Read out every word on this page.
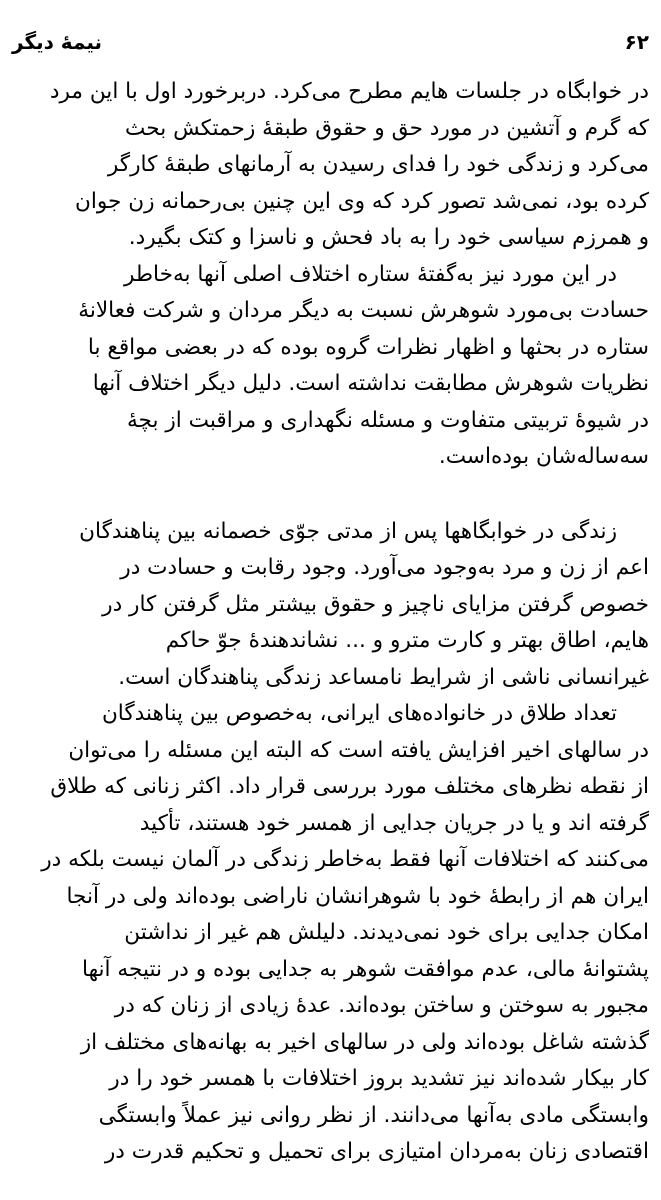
۶۲
نیمهٔ دیگر

در خوابگاه در جلسات هایم مطرح می‌کرد. دربرخورد اول با این مرد
که گرم و آتشین در مورد حق و حقوق طبقهٔ زحمتکش بحث
می‌کرد و زندگی خود را فدای رسیدن به آرمانهای طبقهٔ کارگر
کرده بود، نمی‌شد تصور کرد که وی این چنین بی‌رحمانه زن جوان
و همرزم سیاسی خود را به باد فحش و ناسزا و کتک بگیرد.

در این مورد نیز به‌گفتهٔ ستاره اختلاف اصلی آنها به‌خاطر
حسادت بی‌مورد شوهرش نسبت به دیگر مردان و شرکت فعالانهٔ
ستاره در بحثها و اظهار نظرات گروه بوده که در بعضی مواقع با
نظریات شوهرش مطابقت نداشته است. دلیل دیگر اختلاف آنها
در شیوهٔ تربیتی متفاوت و مسئله نگهداری و مراقبت از بچهٔ
سه‌ساله‌شان بوده‌است.

زندگی در خوابگاهها پس از مدتی جوّی خصمانه بین پناهندگان
اعم از زن و مرد به‌وجود می‌آورد. وجود رقابت و حسادت در
خصوص گرفتن مزایای ناچیز و حقوق بیشتر مثل گرفتن کار در
هایم، اطاق بهتر و کارت مترو و ... نشاندهندهٔ جوّ حاکم
غیرانسانی ناشی از شرایط نامساعد زندگی پناهندگان است.

تعداد طلاق در خانواده‌های ایرانی، به‌خصوص بین پناهندگان
در سالهای اخیر افزایش یافته است که البته این مسئله را می‌توان
از نقطه نظرهای مختلف مورد بررسی قرار داد. اکثر زنانی که طلاق
گرفته اند و یا در جریان جدایی از همسر خود هستند، تأکید
می‌کنند که اختلافات آنها فقط به‌خاطر زندگی در آلمان نیست بلکه در
ایران هم از رابطهٔ خود با شوهرانشان ناراضی بوده‌اند ولی در آنجا
امکان جدایی برای خود نمی‌دیدند. دلیلش هم غیر از نداشتن
پشتوانهٔ مالی، عدم موافقت شوهر به جدایی بوده و در نتیجه آنها
مجبور به سوختن و ساختن بوده‌اند. عدهٔ زیادی از زنان که در
گذشته شاغل بوده‌اند ولی در سالهای اخیر به بهانه‌های مختلف از
کار بیکار شده‌اند نیز تشدید بروز اختلافات با همسر خود را در
وابستگی مادی به‌آنها می‌دانند. از نظر روانی نیز عملاً وابستگی
اقتصادی زنان به‌مردان امتیازی برای تحمیل و تحکیم قدرت در
